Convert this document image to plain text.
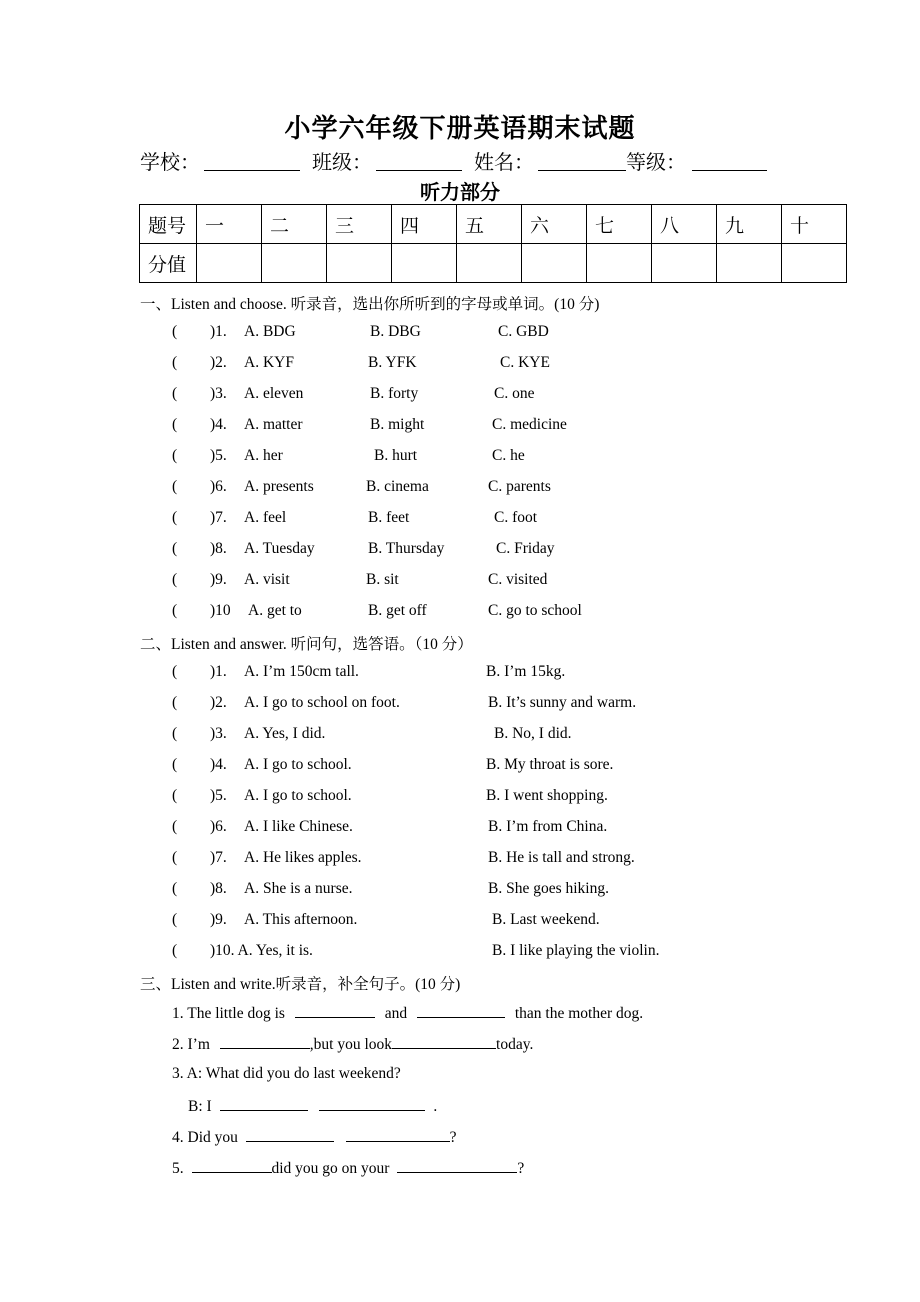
小学六年级下册英语期末试题
学校：	班级：	姓名：	等级：
听力部分
题号	一	二	三	四	五	六	七	八	九	十
分值										
一、Listen and choose. 听录音，选出你所听到的字母或单词。(10 分)
( )1. A. BDG	B. DBG	C. GBD
( )2. A. KYF	B. YFK	C. KYE
( )3. A. eleven	B. forty	C. one
( )4. A. matter	B. might	C. medicine
( )5. A. her	B. hurt	C. he
( )6. A. presents	B. cinema	C. parents
( )7. A. feel	B. feet	C. foot
( )8. A. Tuesday	B. Thursday	C. Friday
( )9. A. visit	B. sit	C. visited
( )10 A. get to	B. get off	C. go to school
二、Listen and answer. 听问句，选答语。（10 分）
( )1. A. I’m 150cm tall.	B. I’m 15kg.
( )2. A. I go to school on foot.	B. It’s sunny and warm.
( )3. A. Yes, I did.	B. No, I did.
( )4. A. I go to school.	B. My throat is sore.
( )5. A. I go to school.	B. I went shopping.
( )6. A. I like Chinese.	B. I’m from China.
( )7. A. He likes apples.	B. He is tall and strong.
( )8. A. She is a nurse.	B. She goes hiking.
( )9. A. This afternoon.	B. Last weekend.
( )10. A. Yes, it is.	B. I like playing the violin.
三、Listen and write.听录音，补全句子。(10 分)
1. The little dog is	and	than the mother dog.
2. I’m	,but you look	today.
3. A: What did you do last weekend?
B: I	.
4. Did you	?
5.	did you go on your	?
